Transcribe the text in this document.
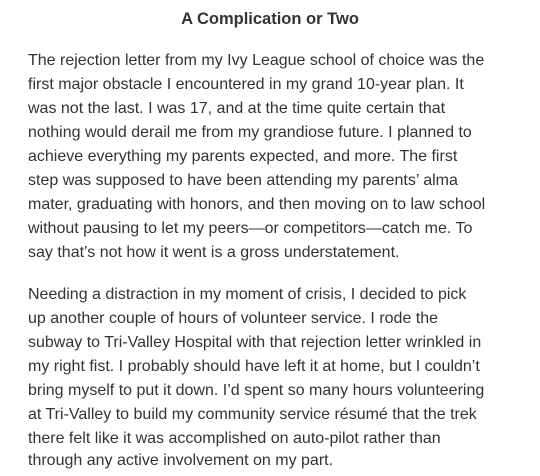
A Complication or Two
The rejection letter from my Ivy League school of choice was the
first major obstacle I encountered in my grand 10-year plan. It
was not the last. I was 17, and at the time quite certain that
nothing would derail me from my grandiose future. I planned to
achieve everything my parents expected, and more. The first
step was supposed to have been attending my parents’ alma
mater, graduating with honors, and then moving on to law school
without pausing to let my peers—or competitors—catch me. To
say that’s not how it went is a gross understatement.
Needing a distraction in my moment of crisis, I decided to pick
up another couple of hours of volunteer service. I rode the
subway to Tri-Valley Hospital with that rejection letter wrinkled in
my right fist. I probably should have left it at home, but I couldn’t
bring myself to put it down. I’d spent so many hours volunteering
at Tri-Valley to build my community service résumé that the trek
there felt like it was accomplished on auto-pilot rather than
through any active involvement on my part.
